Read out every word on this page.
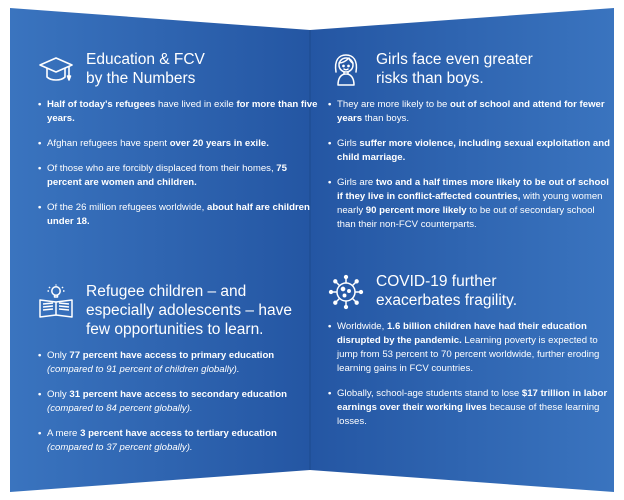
Education & FCV
by the Numbers
• Half of today's refugees have lived in exile for more than five years.
• Afghan refugees have spent over 20 years in exile.
• Of those who are forcibly displaced from their homes, 75 percent are women and children.
• Of the 26 million refugees worldwide, about half are children under 18.
Refugee children – and
especially adolescents – have
few opportunities to learn.
• Only 77 percent have access to primary education (compared to 91 percent of children globally).
• Only 31 percent have access to secondary education (compared to 84 percent globally).
• A mere 3 percent have access to tertiary education (compared to 37 percent globally).
Girls face even greater
risks than boys.
• They are more likely to be out of school and attend for fewer years than boys.
• Girls suffer more violence, including sexual exploitation and child marriage.
• Girls are two and a half times more likely to be out of school if they live in conflict-affected countries, with young women nearly 90 percent more likely to be out of secondary school than their non-FCV counterparts.
COVID-19 further
exacerbates fragility.
• Worldwide, 1.6 billion children have had their education disrupted by the pandemic. Learning poverty is expected to jump from 53 percent to 70 percent worldwide, further eroding learning gains in FCV countries.
• Globally, school-age students stand to lose $17 trillion in labor earnings over their working lives because of these learning losses.
